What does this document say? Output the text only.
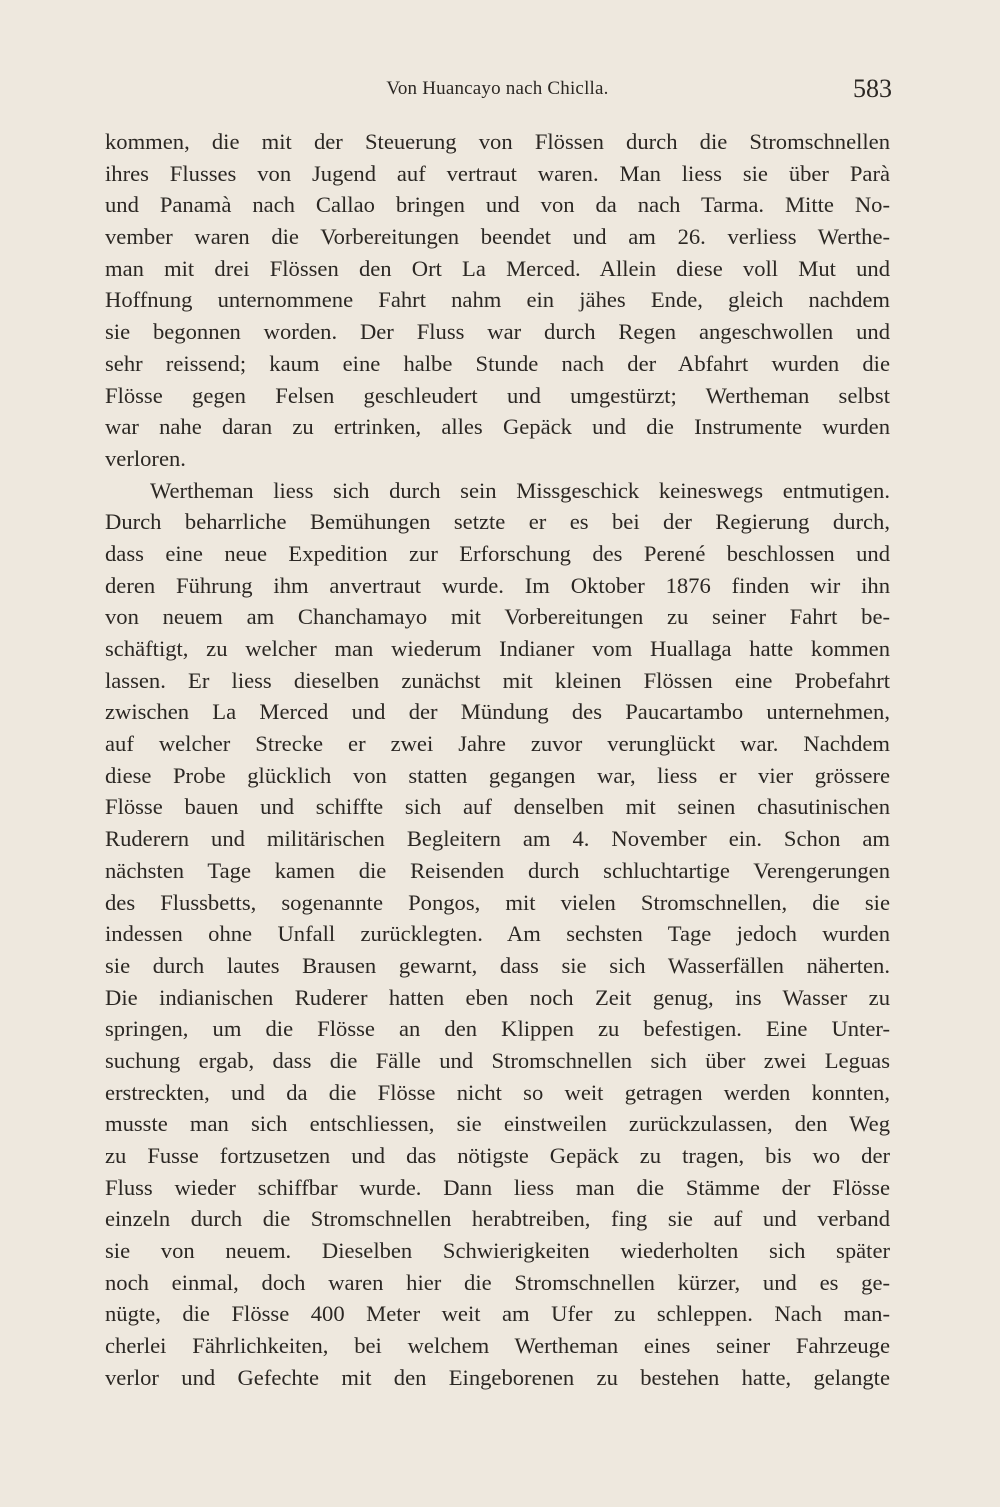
Von Huancayo nach Chiclla.	583
kommen, die mit der Steuerung von Flössen durch die Stromschnellen
ihres Flusses von Jugend auf vertraut waren. Man liess sie über Parà
und Panamà nach Callao bringen und von da nach Tarma. Mitte No-
vember waren die Vorbereitungen beendet und am 26. verliess Werthe-
man mit drei Flössen den Ort La Merced. Allein diese voll Mut und
Hoffnung unternommene Fahrt nahm ein jähes Ende, gleich nachdem
sie begonnen worden. Der Fluss war durch Regen angeschwollen und
sehr reissend; kaum eine halbe Stunde nach der Abfahrt wurden die
Flösse gegen Felsen geschleudert und umgestürzt; Wertheman selbst
war nahe daran zu ertrinken, alles Gepäck und die Instrumente wurden
verloren.
Wertheman liess sich durch sein Missgeschick keineswegs entmutigen.
Durch beharrliche Bemühungen setzte er es bei der Regierung durch,
dass eine neue Expedition zur Erforschung des Perené beschlossen und
deren Führung ihm anvertraut wurde. Im Oktober 1876 finden wir ihn
von neuem am Chanchamayo mit Vorbereitungen zu seiner Fahrt be-
schäftigt, zu welcher man wiederum Indianer vom Huallaga hatte kommen
lassen. Er liess dieselben zunächst mit kleinen Flössen eine Probefahrt
zwischen La Merced und der Mündung des Paucartambo unternehmen,
auf welcher Strecke er zwei Jahre zuvor verunglückt war. Nachdem
diese Probe glücklich von statten gegangen war, liess er vier grössere
Flösse bauen und schiffte sich auf denselben mit seinen chasutinischen
Ruderern und militärischen Begleitern am 4. November ein. Schon am
nächsten Tage kamen die Reisenden durch schluchtartige Verengerungen
des Flussbetts, sogenannte Pongos, mit vielen Stromschnellen, die sie
indessen ohne Unfall zurücklegten. Am sechsten Tage jedoch wurden
sie durch lautes Brausen gewarnt, dass sie sich Wasserfällen näherten.
Die indianischen Ruderer hatten eben noch Zeit genug, ins Wasser zu
springen, um die Flösse an den Klippen zu befestigen. Eine Unter-
suchung ergab, dass die Fälle und Stromschnellen sich über zwei Leguas
erstreckten, und da die Flösse nicht so weit getragen werden konnten,
musste man sich entschliessen, sie einstweilen zurückzulassen, den Weg
zu Fusse fortzusetzen und das nötigste Gepäck zu tragen, bis wo der
Fluss wieder schiffbar wurde. Dann liess man die Stämme der Flösse
einzeln durch die Stromschnellen herabtreiben, fing sie auf und verband
sie von neuem. Dieselben Schwierigkeiten wiederholten sich später
noch einmal, doch waren hier die Stromschnellen kürzer, und es ge-
nügte, die Flösse 400 Meter weit am Ufer zu schleppen. Nach man-
cherlei Fährlichkeiten, bei welchem Wertheman eines seiner Fahrzeuge
verlor und Gefechte mit den Eingeborenen zu bestehen hatte, gelangte
